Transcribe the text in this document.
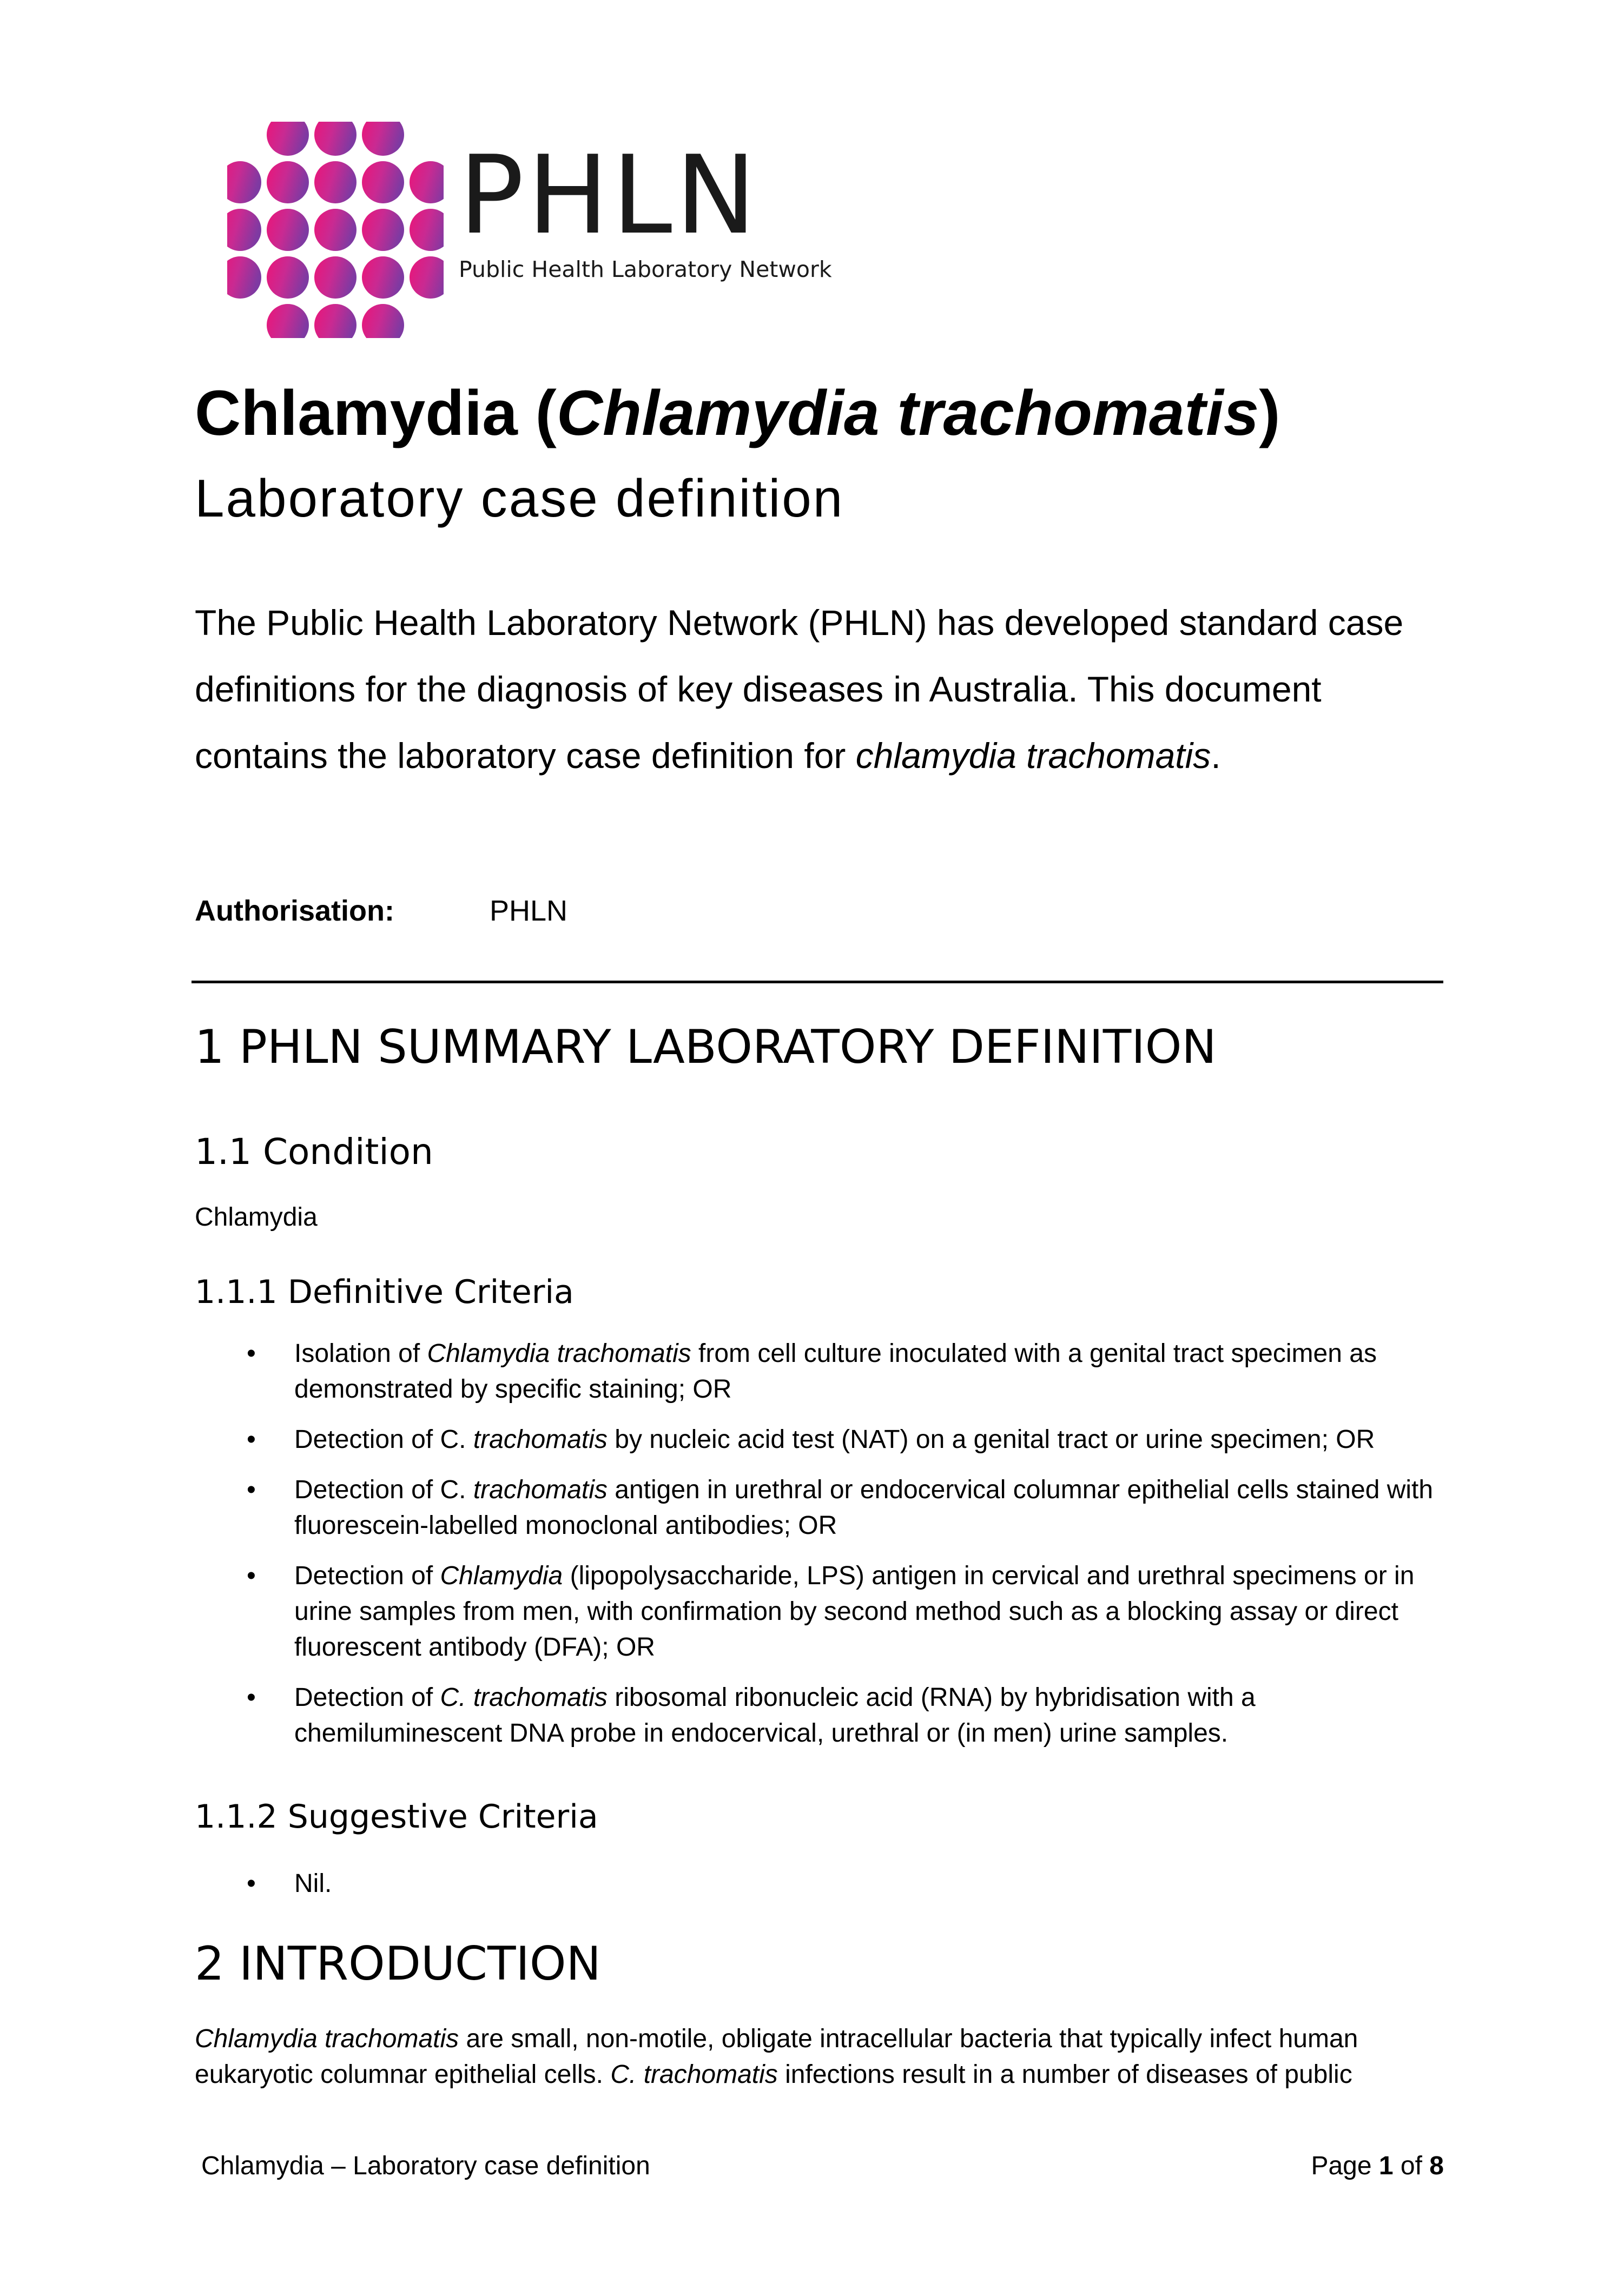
PHLN
Public Health Laboratory Network
Chlamydia (Chlamydia trachomatis)
Laboratory case definition
The Public Health Laboratory Network (PHLN) has developed standard case definitions for the diagnosis of key diseases in Australia. This document contains the laboratory case definition for chlamydia trachomatis.
Authorisation:	PHLN
1 PHLN SUMMARY LABORATORY DEFINITION
1.1 Condition
Chlamydia
1.1.1 Definitive Criteria
• Isolation of Chlamydia trachomatis from cell culture inoculated with a genital tract specimen as demonstrated by specific staining; OR
• Detection of C. trachomatis by nucleic acid test (NAT) on a genital tract or urine specimen; OR
• Detection of C. trachomatis antigen in urethral or endocervical columnar epithelial cells stained with fluorescein-labelled monoclonal antibodies; OR
• Detection of Chlamydia (lipopolysaccharide, LPS) antigen in cervical and urethral specimens or in urine samples from men, with confirmation by second method such as a blocking assay or direct fluorescent antibody (DFA); OR
• Detection of C. trachomatis ribosomal ribonucleic acid (RNA) by hybridisation with a chemiluminescent DNA probe in endocervical, urethral or (in men) urine samples.
1.1.2 Suggestive Criteria
• Nil.
2 INTRODUCTION
Chlamydia trachomatis are small, non-motile, obligate intracellular bacteria that typically infect human eukaryotic columnar epithelial cells. C. trachomatis infections result in a number of diseases of public
Chlamydia – Laboratory case definition	Page 1 of 8
